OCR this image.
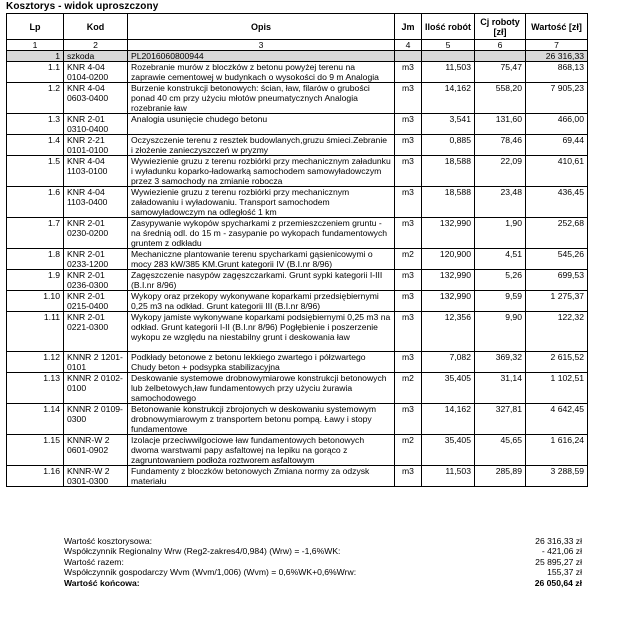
Kosztorys - widok uproszczony
Lp	Kod	Opis	Jm	Ilość robót	Cj roboty [zł]	Wartość [zł]
1	2	3	4	5	6	7
1	szkoda	PL2016060800944				26 316,33
1.1	KNR 4-04 0104-0200	Rozebranie murów z bloczków z betonu powyżej terenu na zaprawie cementowej w budynkach o wysokości do 9 m Analogia	m3	11,503	75,47	868,13
1.2	KNR 4-04 0603-0400	Burzenie konstrukcji betonowych: ścian, ław, filarów o grubości ponad 40 cm przy użyciu młotów pneumatycznych Analogia rozebranie ław	m3	14,162	558,20	7 905,23
1.3	KNR 2-01 0310-0400	Analogia usunięcie chudego betonu	m3	3,541	131,60	466,00
1.4	KNR 2-21 0101-0100	Oczyszczenie terenu z resztek budowlanych,gruzu śmieci.Zebranie i złożenie zanieczyszczeń w pryzmy	m3	0,885	78,46	69,44
1.5	KNR 4-04 1103-0100	Wywiezienie gruzu z terenu rozbiórki przy mechanicznym załadunku i wyładunku koparko-ładowarką samochodem samowyładowczym przez 3 samochody na zmianie robocza	m3	18,588	22,09	410,61
1.6	KNR 4-04 1103-0400	Wywiezienie gruzu z terenu rozbiórki przy mechanicznym załadowaniu i wyładowaniu. Transport samochodem samowyładowczym na odległość 1 km	m3	18,588	23,48	436,45
1.7	KNR 2-01 0230-0200	Zasypywanie wykopów spycharkami z przemieszczeniem gruntu - na średnią odl. do 15 m - zasypanie po wykopach fundamentowych gruntem z odkładu	m3	132,990	1,90	252,68
1.8	KNR 2-01 0233-1200	Mechaniczne plantowanie terenu spycharkami gąsienicowymi o mocy 283 kW/385 KM.Grunt kategorii IV (B.I.nr 8/96)	m2	120,900	4,51	545,26
1.9	KNR 2-01 0236-0300	Zagęszczenie nasypów zagęszczarkami. Grunt sypki kategorii I-III (B.I.nr 8/96)	m3	132,990	5,26	699,53
1.10	KNR 2-01 0215-0400	Wykopy oraz przekopy wykonywane koparkami przedsiębiernymi 0,25 m3 na odkład. Grunt kategorii III (B.I.nr 8/96)	m3	132,990	9,59	1 275,37
1.11	KNR 2-01 0221-0300	Wykopy jamiste wykonywane koparkami podsiębiernymi 0,25 m3 na odkład. Grunt kategorii I-II (B.I.nr 8/96) Pogłębienie i poszerzenie wykopu ze względu na niestabilny grunt i deskowania ław	m3	12,356	9,90	122,32
1.12	KNNR 2 1201-0101	Podkłady betonowe z betonu lekkiego zwartego i półzwartego Chudy beton + podsypka stabilizacyjna	m3	7,082	369,32	2 615,52
1.13	KNNR 2 0102-0100	Deskowanie systemowe drobnowymiarowe konstrukcji betonowych lub żelbetowych,ław fundamentowych przy użyciu żurawia samochodowego	m2	35,405	31,14	1 102,51
1.14	KNNR 2 0109-0300	Betonowanie konstrukcji zbrojonych w deskowaniu systemowym drobnowymiarowym z transportem betonu pompą. Ławy i stopy fundamentowe	m3	14,162	327,81	4 642,45
1.15	KNNR-W 2 0601-0902	Izolacje przeciwwilgociowe ław fundamentowych betonowych dwoma warstwami papy asfaltowej na lepiku na gorąco z zagruntowaniem podłoża roztworem asfaltowym	m2	35,405	45,65	1 616,24
1.16	KNNR-W 2 0301-0300	Fundamenty z bloczków betonowych Zmiana normy za odzysk materiału	m3	11,503	285,89	3 288,59
Wartość kosztorysowa:	26 316,33 zł
Współczynnik Regionalny Wrw (Reg2-zakres4/0,984) (Wrw) = -1,6%WK:	- 421,06 zł
Wartość razem:	25 895,27 zł
Współczynnik gospodarczy Wvm (Wvm/1,006) (Wvm) = 0,6%WK+0,6%Wrw:	155,37 zł
Wartość końcowa:	26 050,64 zł
